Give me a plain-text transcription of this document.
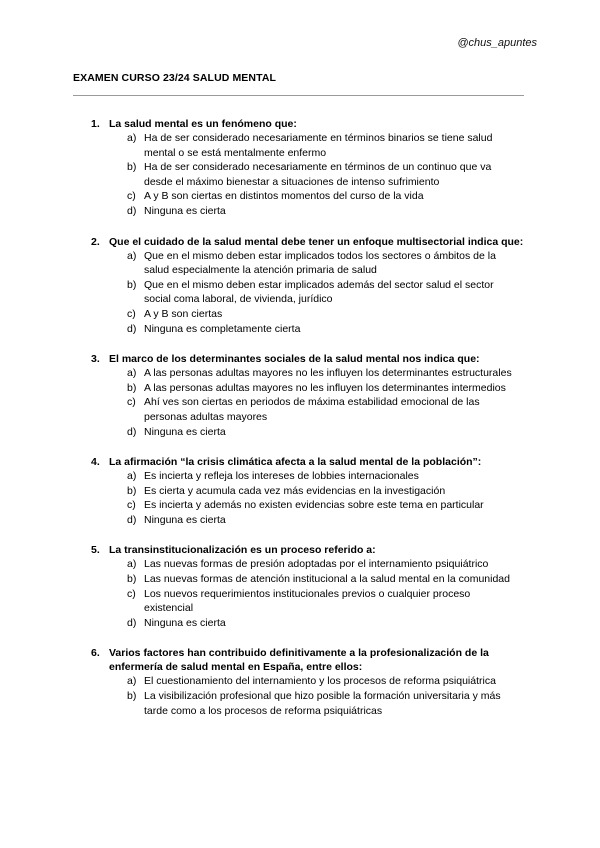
@chus_apuntes
EXAMEN CURSO 23/24 SALUD MENTAL
1. La salud mental es un fenómeno que:

a) Ha de ser considerado necesariamente en términos binarios se tiene salud mental o se está mentalmente enfermo
b) Ha de ser considerado necesariamente en términos de un continuo que va desde el máximo bienestar a situaciones de intenso sufrimiento
c) A y B son ciertas en distintos momentos del curso de la vida
d) Ninguna es cierta
2. Que el cuidado de la salud mental debe tener un enfoque multisectorial indica que:

a) Que en el mismo deben estar implicados todos los sectores o ámbitos de la salud especialmente la atención primaria de salud
b) Que en el mismo deben estar implicados además del sector salud el sector social coma laboral, de vivienda, jurídico
c) A y B son ciertas
d) Ninguna es completamente cierta
3. El marco de los determinantes sociales de la salud mental nos indica que:

a) A las personas adultas mayores no les influyen los determinantes estructurales
b) A las personas adultas mayores no les influyen los determinantes intermedios
c) Ahí ves son ciertas en periodos de máxima estabilidad emocional de las personas adultas mayores
d) Ninguna es cierta
4. La afirmación “la crisis climática afecta a la salud mental de la población”:

a) Es incierta y refleja los intereses de lobbies internacionales
b) Es cierta y acumula cada vez más evidencias en la investigación
c) Es incierta y además no existen evidencias sobre este tema en particular
d) Ninguna es cierta
5. La transinstitucionalización es un proceso referido a:

a) Las nuevas formas de presión adoptadas por el internamiento psiquiátrico
b) Las nuevas formas de atención institucional a la salud mental en la comunidad
c) Los nuevos requerimientos institucionales previos o cualquier proceso existencial
d) Ninguna es cierta
6. Varios factores han contribuido definitivamente a la profesionalización de la enfermería de salud mental en España, entre ellos:

a) El cuestionamiento del internamiento y los procesos de reforma psiquiátrica
b) La visibilización profesional que hizo posible la formación universitaria y más tarde como a los procesos de reforma psiquiátricas
